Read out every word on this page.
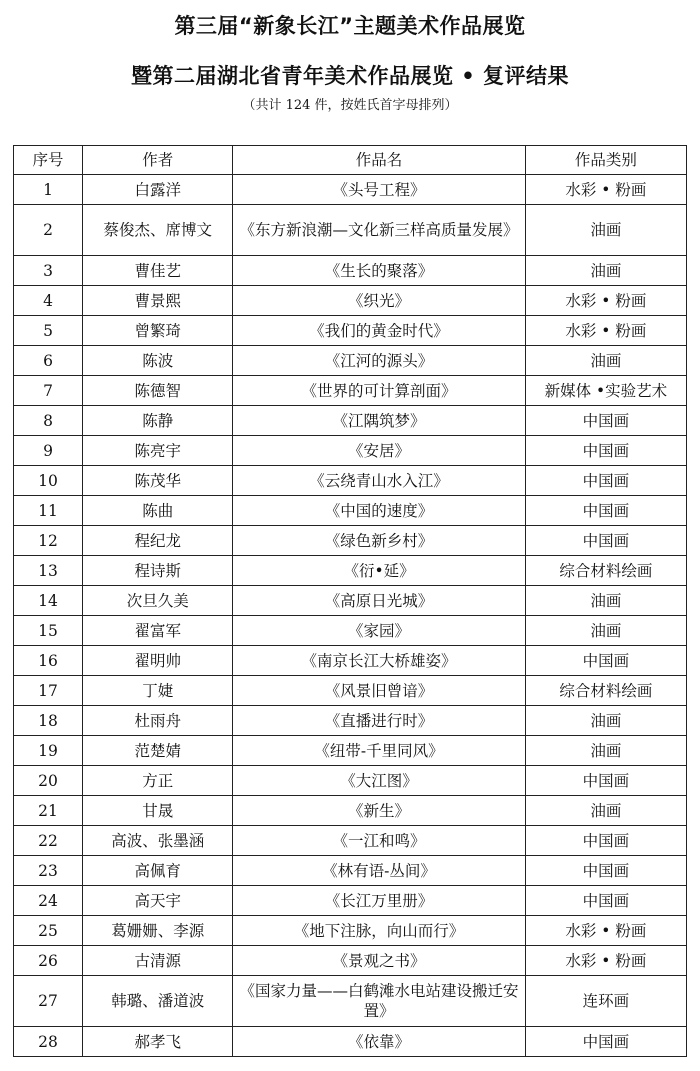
第三届“新象长江”主题美术作品展览
暨第二届湖北省青年美术作品展览 • 复评结果
（共计 124 件，按姓氏首字母排列）
序号	作者	作品名	作品类别
1	白露洋	《头号工程》	水彩 • 粉画
2	蔡俊杰、席博文	《东方新浪潮—文化新三样高质量发展》	油画
3	曹佳艺	《生长的聚落》	油画
4	曹景熙	《织光》	水彩 • 粉画
5	曾繁琦	《我们的黄金时代》	水彩 • 粉画
6	陈波	《江河的源头》	油画
7	陈德智	《世界的可计算剖面》	新媒体 •实验艺术
8	陈静	《江隅筑梦》	中国画
9	陈亮宇	《安居》	中国画
10	陈茂华	《云绕青山水入江》	中国画
11	陈曲	《中国的速度》	中国画
12	程纪龙	《绿色新乡村》	中国画
13	程诗斯	《衍•延》	综合材料绘画
14	次旦久美	《高原日光城》	油画
15	翟富军	《家园》	油画
16	翟明帅	《南京长江大桥雄姿》	中国画
17	丁婕	《风景旧曾谙》	综合材料绘画
18	杜雨舟	《直播进行时》	油画
19	范楚婧	《纽带-千里同风》	油画
20	方正	《大江图》	中国画
21	甘晟	《新生》	油画
22	高波、张墨涵	《一江和鸣》	中国画
23	高佩育	《林有语-丛间》	中国画
24	高天宇	《长江万里册》	中国画
25	葛姗姗、李源	《地下注脉，向山而行》	水彩 • 粉画
26	古清源	《景观之书》	水彩 • 粉画
27	韩璐、潘道波	《国家力量——白鹤滩水电站建设搬迁安置》	连环画
28	郝孝飞	《依靠》	中国画
